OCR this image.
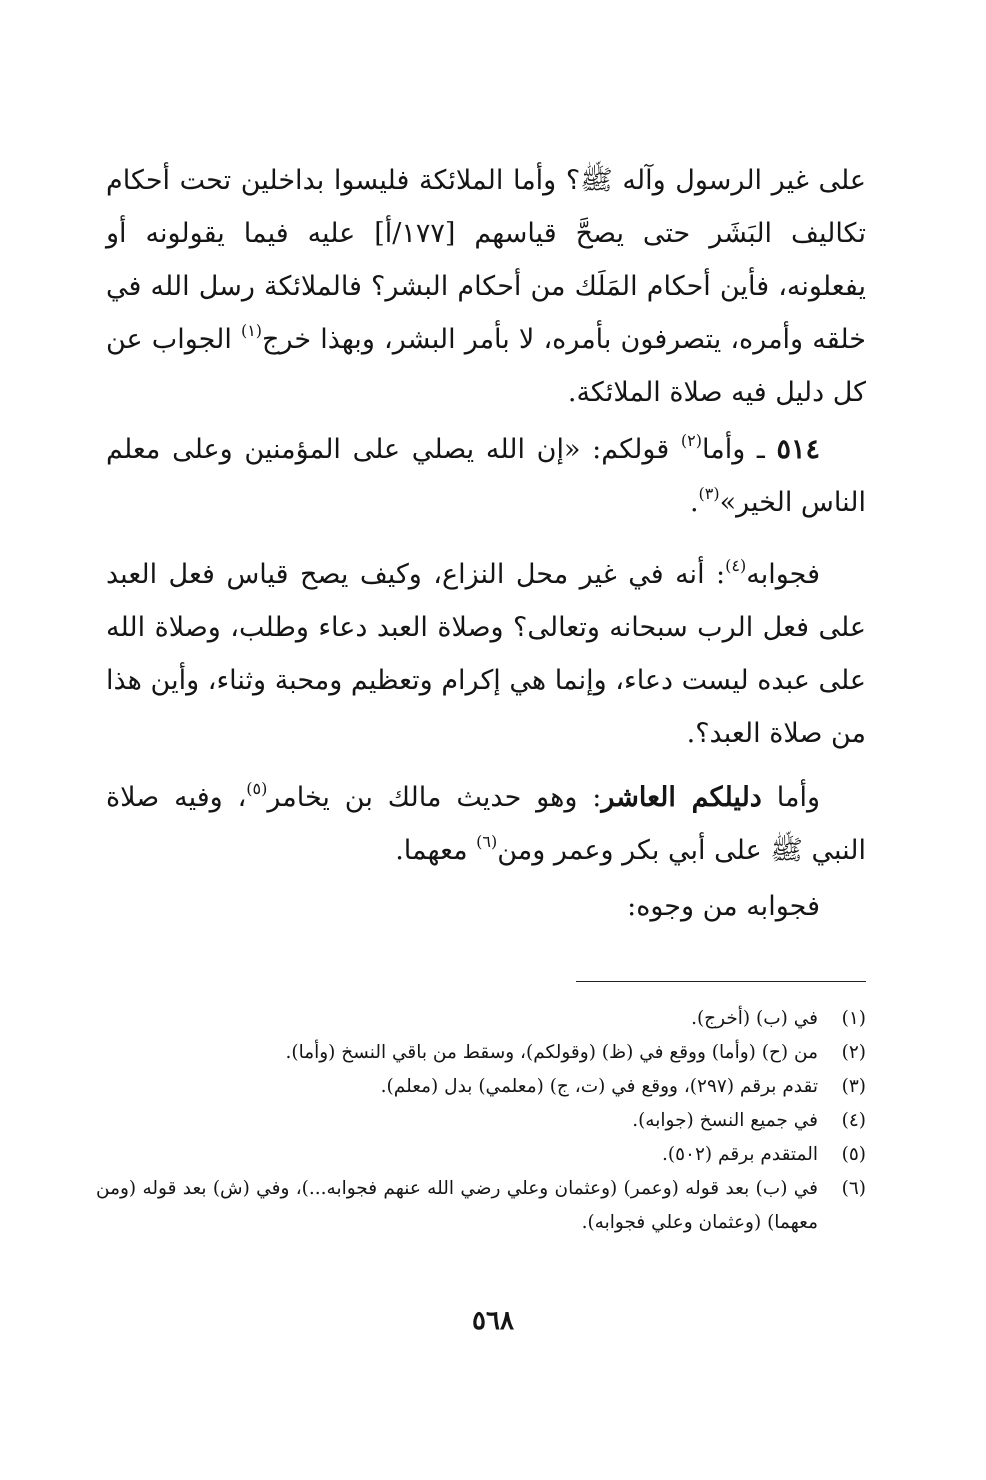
على غير الرسول وآله ﷺ؟ وأما الملائكة فليسوا بداخلين تحت أحكام تكاليف البَشَر حتى يصحَّ قياسهم [١٧٧/أ] عليه فيما يقولونه أو يفعلونه، فأين أحكام المَلَك من أحكام البشر؟ فالملائكة رسل الله في خلقه وأمره، يتصرفون بأمره، لا بأمر البشر، وبهذا خرج$^{(١)}$ الجواب عن كل دليل فيه صلاة الملائكة.

٥١٤ ـ وأما$^{(٢)}$ قولكم: «إن الله يصلي على المؤمنين وعلى معلم الناس الخير»$^{(٣)}$.

فجوابه$^{(٤)}$: أنه في غير محل النزاع، وكيف يصح قياس فعل العبد على فعل الرب سبحانه وتعالى؟ وصلاة العبد دعاء وطلب، وصلاة الله على عبده ليست دعاء، وإنما هي إكرام وتعظيم ومحبة وثناء، وأين هذا من صلاة العبد؟.

وأما دليلكم العاشر: وهو حديث مالك بن يخامر$^{(٥)}$، وفيه صلاة النبي ﷺ على أبي بكر وعمر ومن$^{(٦)}$ معهما.

فجوابه من وجوه:

(١)
في (ب) (أخرج).
(٢)
من (ح) (وأما) ووقع في (ظ) (وقولكم)، وسقط من باقي النسخ (وأما).
(٣)
تقدم برقم (٢٩٧)، ووقع في (ت، ج) (معلمي) بدل (معلم).
(٤)
في جميع النسخ (جوابه).
(٥)
المتقدم برقم (٥٠٢).
(٦)
في (ب) بعد قوله (وعمر) (وعثمان وعلي رضي الله عنهم فجوابه...)، وفي (ش) بعد قوله (ومن معهما) (وعثمان وعلي فجوابه).
٥٦٨
